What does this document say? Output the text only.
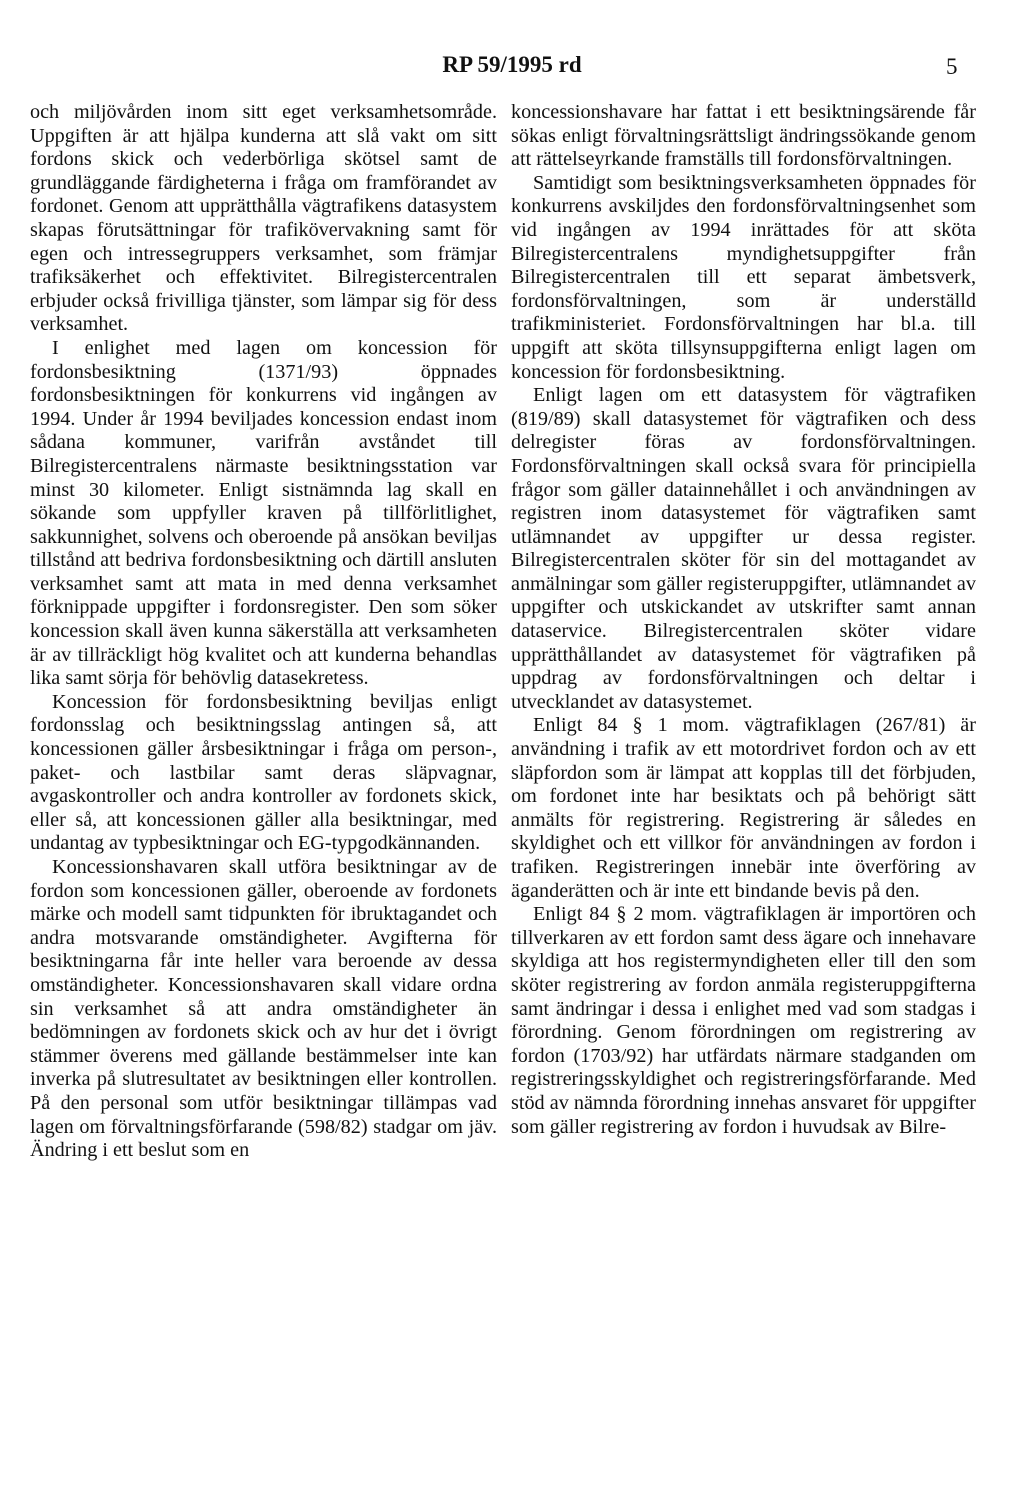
RP 59/1995 rd	5

och miljövården inom sitt eget verksamhetsområde. Uppgiften är att hjälpa kunderna att slå vakt om sitt fordons skick och vederbörliga skötsel samt de grundläggande färdigheterna i fråga om framförandet av fordonet. Genom att upprätthålla vägtrafikens datasystem skapas förutsättningar för trafikövervakning samt för egen och intressegruppers verksamhet, som främjar trafiksäkerhet och effektivitet. Bilregistercentralen erbjuder också frivilliga tjänster, som lämpar sig för dess verksamhet.

I enlighet med lagen om koncession för fordonsbesiktning (1371/93) öppnades fordonsbesiktningen för konkurrens vid ingången av 1994. Under år 1994 beviljades koncession endast inom sådana kommuner, varifrån avståndet till Bilregistercentralens närmaste besiktningsstation var minst 30 kilometer. Enligt sistnämnda lag skall en sökande som uppfyller kraven på tillförlitlighet, sakkunnighet, solvens och oberoende på ansökan beviljas tillstånd att bedriva fordonsbesiktning och därtill ansluten verksamhet samt att mata in med denna verksamhet förknippade uppgifter i fordonsregister. Den som söker koncession skall även kunna säkerställa att verksamheten är av tillräckligt hög kvalitet och att kunderna behandlas lika samt sörja för behövlig datasekretess.

Koncession för fordonsbesiktning beviljas enligt fordonsslag och besiktningsslag antingen så, att koncessionen gäller årsbesiktningar i fråga om person-, paket- och lastbilar samt deras släpvagnar, avgaskontroller och andra kontroller av fordonets skick, eller så, att koncessionen gäller alla besiktningar, med undantag av typbesiktningar och EG-typgodkännanden.

Koncessionshavaren skall utföra besiktningar av de fordon som koncessionen gäller, oberoende av fordonets märke och modell samt tidpunkten för ibruktagandet och andra motsvarande omständigheter. Avgifterna för besiktningarna får inte heller vara beroende av dessa omständigheter. Koncessionshavaren skall vidare ordna sin verksamhet så att andra omständigheter än bedömningen av fordonets skick och av hur det i övrigt stämmer överens med gällande bestämmelser inte kan inverka på slutresultatet av besiktningen eller kontrollen. På den personal som utför besiktningar tillämpas vad lagen om förvaltningsförfarande (598/82) stadgar om jäv. Ändring i ett beslut som en

koncessionshavare har fattat i ett besiktningsärende får sökas enligt förvaltningsrättsligt ändringssökande genom att rättelseyrkande framställs till fordonsförvaltningen.

Samtidigt som besiktningsverksamheten öppnades för konkurrens avskiljdes den fordonsförvaltningsenhet som vid ingången av 1994 inrättades för att sköta Bilregistercentralens myndighetsuppgifter från Bilregistercentralen till ett separat ämbetsverk, fordonsförvaltningen, som är underställd trafikministeriet. Fordonsförvaltningen har bl.a. till uppgift att sköta tillsynsuppgifterna enligt lagen om koncession för fordonsbesiktning.

Enligt lagen om ett datasystem för vägtrafiken (819/89) skall datasystemet för vägtrafiken och dess delregister föras av fordonsförvaltningen. Fordonsförvaltningen skall också svara för principiella frågor som gäller datainnehållet i och användningen av registren inom datasystemet för vägtrafiken samt utlämnandet av uppgifter ur dessa register. Bilregistercentralen sköter för sin del mottagandet av anmälningar som gäller registeruppgifter, utlämnandet av uppgifter och utskickandet av utskrifter samt annan dataservice. Bilregistercentralen sköter vidare upprätthållandet av datasystemet för vägtrafiken på uppdrag av fordonsförvaltningen och deltar i utvecklandet av datasystemet.

Enligt 84 § 1 mom. vägtrafiklagen (267/81) är användning i trafik av ett motordrivet fordon och av ett släpfordon som är lämpat att kopplas till det förbjuden, om fordonet inte har besiktats och på behörigt sätt anmälts för registrering. Registrering är således en skyldighet och ett villkor för användningen av fordon i trafiken. Registreringen innebär inte överföring av äganderätten och är inte ett bindande bevis på den.

Enligt 84 § 2 mom. vägtrafiklagen är importören och tillverkaren av ett fordon samt dess ägare och innehavare skyldiga att hos registermyndigheten eller till den som sköter registrering av fordon anmäla registeruppgifterna samt ändringar i dessa i enlighet med vad som stadgas i förordning. Genom förordningen om registrering av fordon (1703/92) har utfärdats närmare stadganden om registreringsskyldighet och registreringsförfarande. Med stöd av nämnda förordning innehas ansvaret för uppgifter som gäller registrering av fordon i huvudsak av Bilre-
